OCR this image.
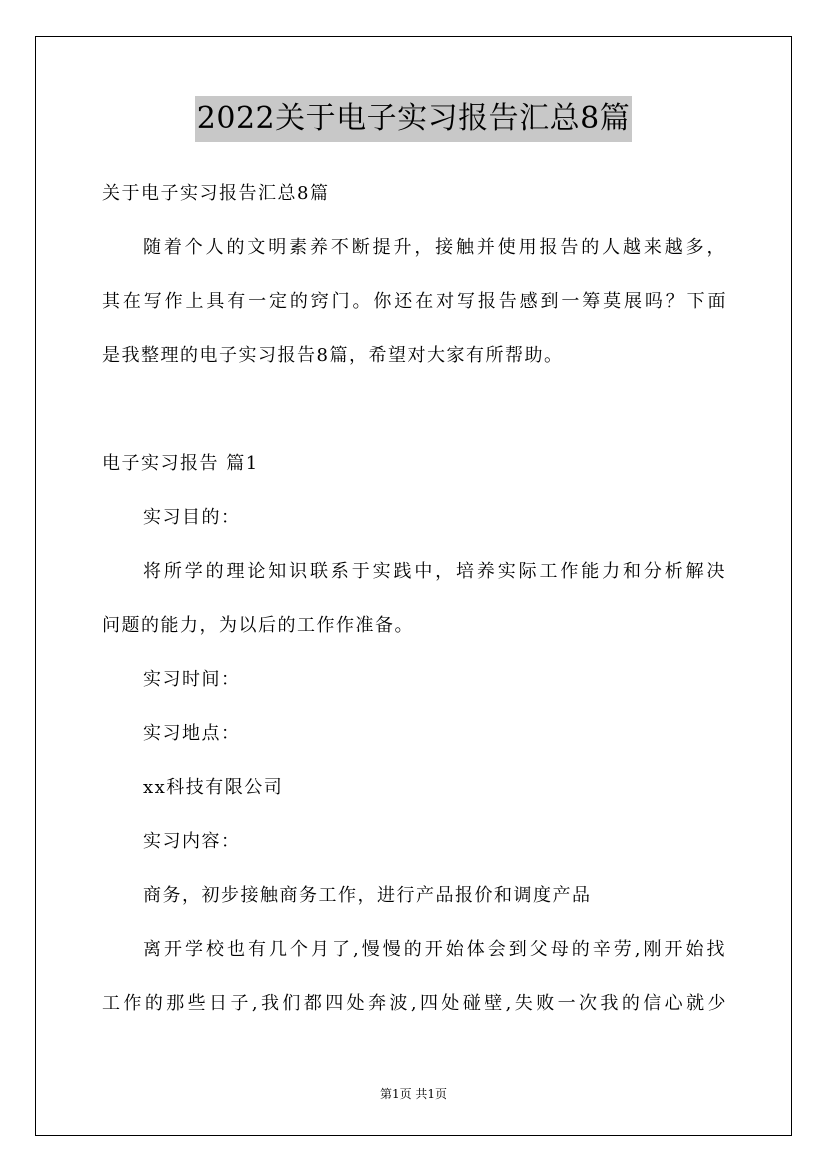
2022关于电子实习报告汇总8篇
关于电子实习报告汇总8篇
随着个人的文明素养不断提升，接触并使用报告的人越来越多，
其在写作上具有一定的窍门。你还在对写报告感到一筹莫展吗？下面
是我整理的电子实习报告8篇，希望对大家有所帮助。
电子实习报告 篇1
实习目的：
将所学的理论知识联系于实践中，培养实际工作能力和分析解决
问题的能力，为以后的工作作准备。
实习时间：
实习地点：
xx科技有限公司
实习内容：
商务，初步接触商务工作，进行产品报价和调度产品
离开学校也有几个月了,慢慢的开始体会到父母的辛劳,刚开始找
工作的那些日子,我们都四处奔波,四处碰壁,失败一次我的信心就少
第1页 共1页
